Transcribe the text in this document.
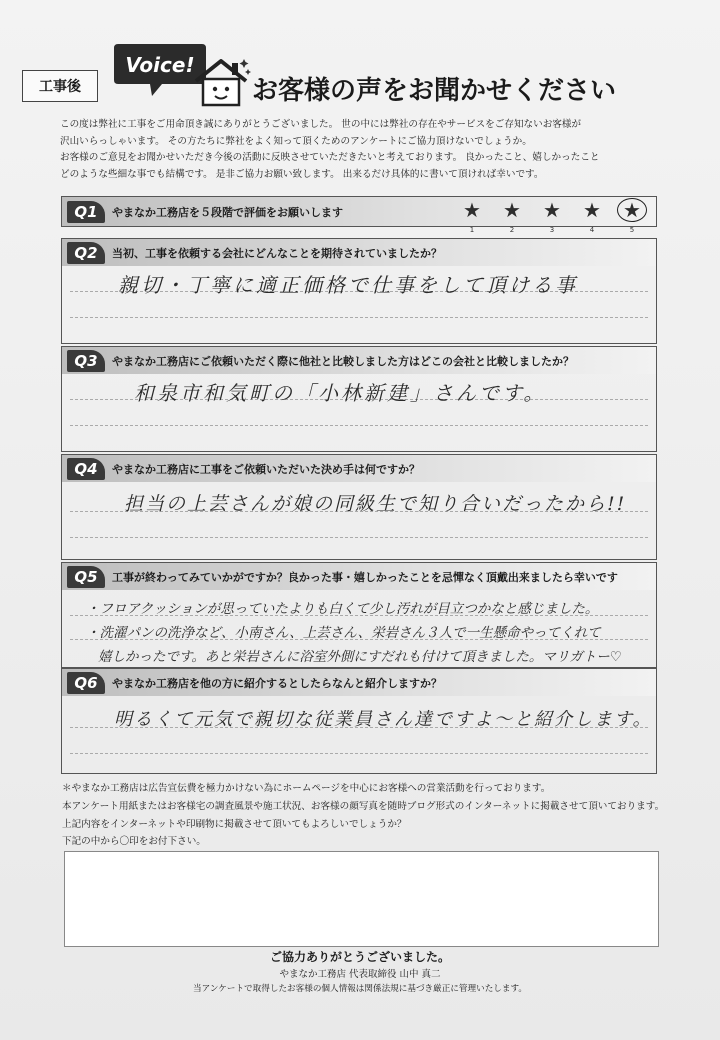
工事後
Voice!
お客様の声をお聞かせください
この度は弊社に工事をご用命頂き誠にありがとうございました。 世の中には弊社の存在やサービスをご存知ないお客様が
沢山いらっしゃいます。 その方たちに弊社をよく知って頂くためのアンケートにご協力頂けないでしょうか。
お客様のご意見をお聞かせいただき今後の活動に反映させていただきたいと考えております。 良かったこと、嬉しかったこと
どのような些細な事でも結構です。 是非ご協力お願い致します。 出来るだけ具体的に書いて頂ければ幸いです。
Q1	やまなか工務店を５段階で評価をお願いします	★
1
★
2
★
3
★
4
★
5
Q2	当初、工事を依頼する会社にどんなことを期待されていましたか？
親切・丁寧に適正価格で仕事をして頂ける事
Q3	やまなか工務店にご依頼いただく際に他社と比較しました方はどこの会社と比較しましたか？
和泉市和気町の「小林新建」さんです。
Q4	やまなか工務店に工事をご依頼いただいた決め手は何ですか？
担当の上芸さんが娘の同級生で知り合いだったから!!
Q5	工事が終わってみていかがですか？良かった事・嬉しかったことを忌憚なく頂戴出来ましたら幸いです
・フロアクッションが思っていたよりも白くて少し汚れが目立つかなと感じました。
・洗濯パンの洗浄など、小南さん、上芸さん、栄岩さん３人で一生懸命やってくれて
嬉しかったです。あと栄岩さんに浴室外側にすだれも付けて頂きました。マリガトー♡
Q6	やまなか工務店を他の方に紹介するとしたらなんと紹介しますか？
明るくて元気で親切な従業員さん達ですよ〜と紹介します。
＊やまなか工務店は広告宣伝費を極力かけない為にホームページを中心にお客様への営業活動を行っております。
本アンケート用紙またはお客様宅の調査風景や施工状況、お客様の顔写真を随時ブログ形式のインターネットに掲載させて頂いております。
上記内容をインターネットや印刷物に掲載させて頂いてもよろしいでしょうか？
下記の中から〇印をお付下さい。
ご協力ありがとうございました。
やまなか工務店 代表取締役 山中 真二
当アンケートで取得したお客様の個人情報は関係法規に基づき厳正に管理いたします。
